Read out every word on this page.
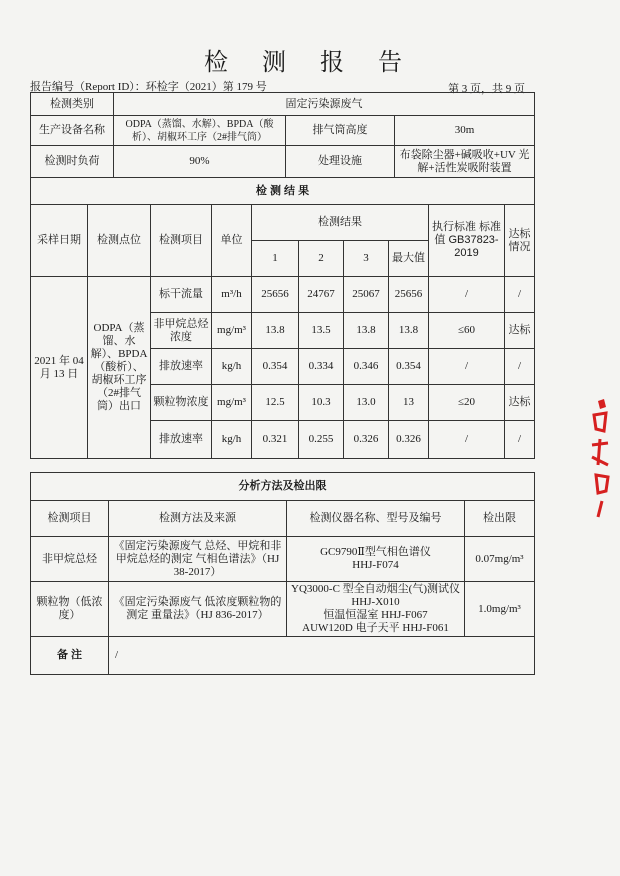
检 测 报 告
报告编号（Report ID）：环检字（2021）第 179 号	第 3 页，共 9 页
检测类别	固定污染源废气		
生产设备名称	ODPA（蒸馏、水解）、BPDA（酸析）、胡椒环工序（2#排气筒）	排气筒高度	30m
检测时负荷	90%	处理设施	布袋除尘器+碱吸收+UV 光解+活性炭吸附装置
检 测 结 果			
采样日期	检测点位	检测项目	单位	检测结果				执行标准 标准值 GB37823-2019	达标情况
				1	2	3	最大值		
2021 年 04 月 13 日	ODPA（蒸馏、水解）、BPDA（酸析）、胡椒环工序（2#排气筒）出口	标干流量	m³/h	25656	24767	25067	25656	/	/
		非甲烷总烃浓度	mg/m³	13.8	13.5	13.8	13.8	≤60	达标
		排放速率	kg/h	0.354	0.334	0.346	0.354	/	/
		颗粒物浓度	mg/m³	12.5	10.3	13.0	13	≤20	达标
		排放速率	kg/h	0.321	0.255	0.326	0.326	/	/
分析方法及检出限			
检测项目	检测方法及来源	检测仪器名称、型号及编号	检出限
非甲烷总烃	《固定污染源废气 总烃、甲烷和非甲烷总烃的测定 气相色谱法》（HJ 38-2017）	GC9790Ⅱ型气相色谱仪
HHJ-F074	0.07mg/m³
颗粒物（低浓度）	《固定污染源废气 低浓度颗粒物的测定 重量法》（HJ 836-2017）	YQ3000-C 型全自动烟尘(气)测试仪
HHJ-X010
恒温恒湿室 HHJ-F067
AUW120D 电子天平 HHJ-F061	1.0mg/m³
备 注	/		
